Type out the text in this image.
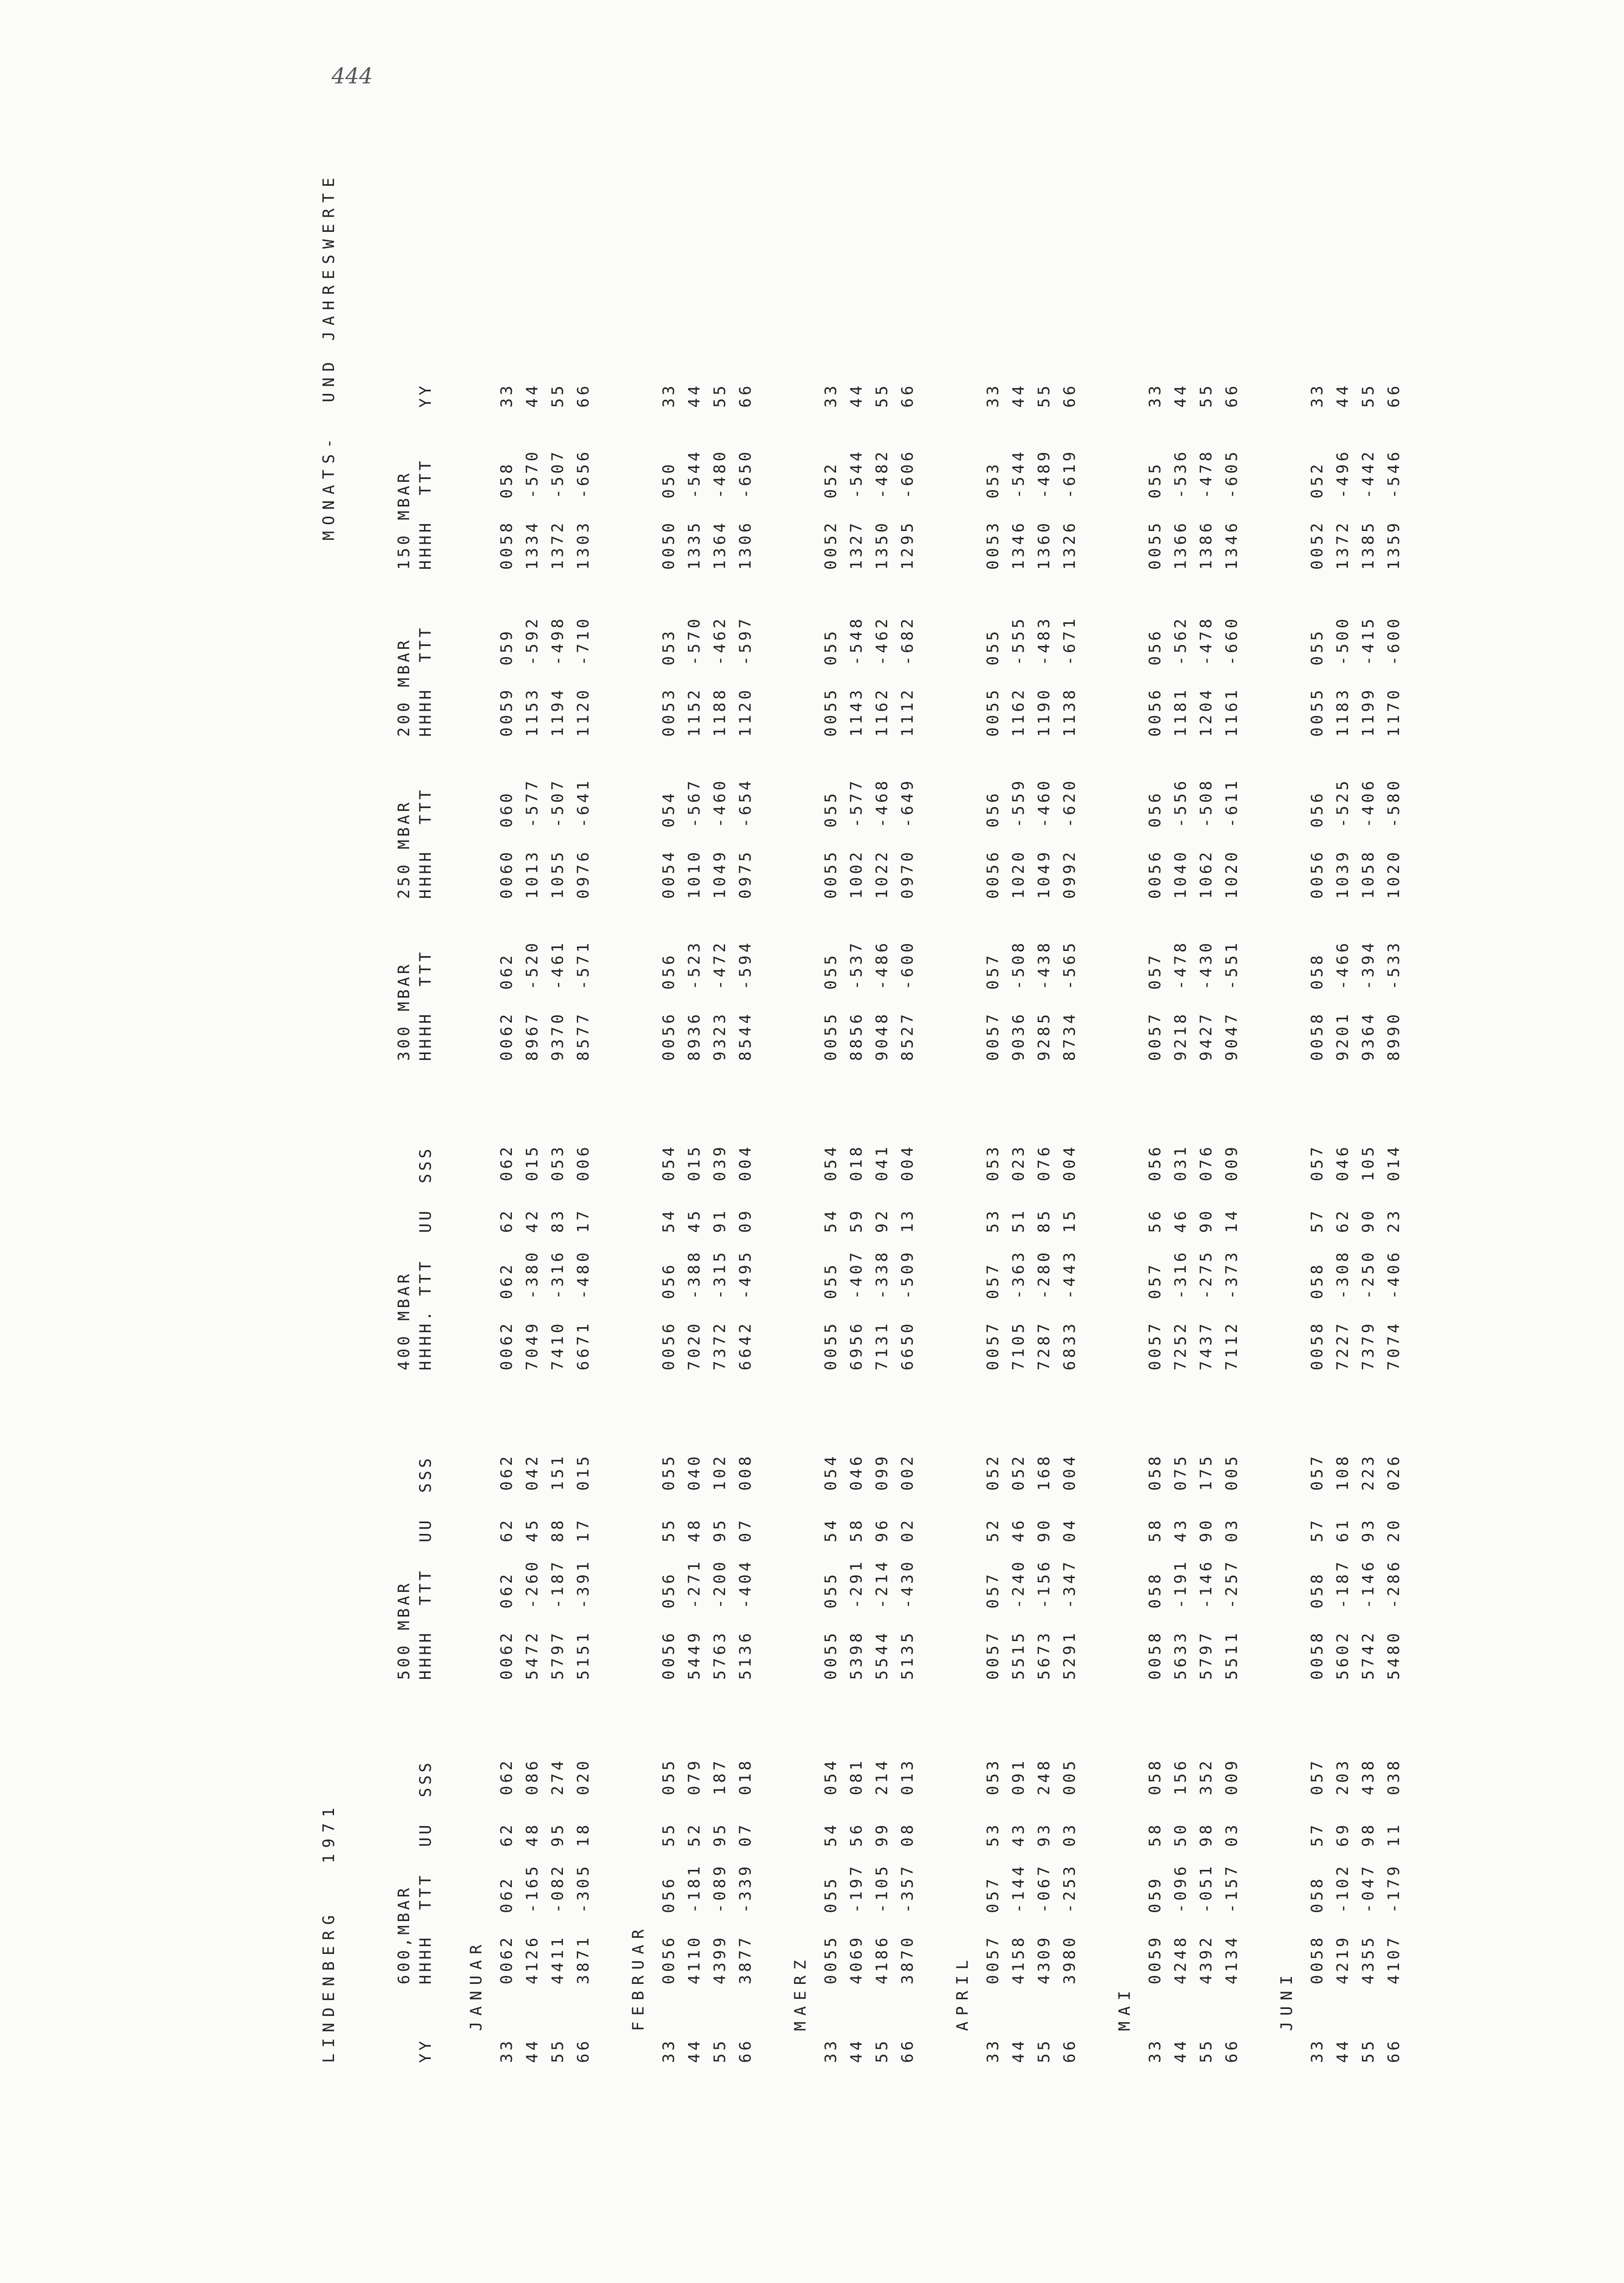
444
LINDENBERG   1971
MONATS-  UND JAHRESWERTE

YY
600,MBAR HHHH  TTT

UU  SSS
500 MBAR HHHH  TTT

UU  SSS
400 MBAR HHHH. TTT

UU  SSS
300 MBAR HHHH  TTT
250 MBAR HHHH  TTT
200 MBAR HHHH  TTT
150 MBAR HHHH  TTT

YY
JANUAR
33
0062
062
62
062
0062
062
62
062
0062
062
62
062
0062
062
0060
060
0059
059
0058
058
33
44
4126
-165
48
086
5472
-260
45
042
7049
-380
42
015
8967
-520
1013
-577
1153
-592
1334
-570
44
55
4411
-082
95
274
5797
-187
88
151
7410
-316
83
053
9370
-461
1055
-507
1194
-498
1372
-507
55
66
3871
-305
18
020
5151
-391
17
015
6671
-480
17
006
8577
-571
0976
-641
1120
-710
1303
-656
66
FEBRUAR
33
0056
056
55
055
0056
056
55
055
0056
056
54
054
0056
056
0054
054
0053
053
0050
050
33
44
4110
-181
52
079
5449
-271
48
040
7020
-388
45
015
8936
-523
1010
-567
1152
-570
1335
-544
44
55
4399
-089
95
187
5763
-200
95
102
7372
-315
91
039
9323
-472
1049
-460
1188
-462
1364
-480
55
66
3877
-339
07
018
5136
-404
07
008
6642
-495
09
004
8544
-594
0975
-654
1120
-597
1306
-650
66
MAERZ
33
0055
055
54
054
0055
055
54
054
0055
055
54
054
0055
055
0055
055
0055
055
0052
052
33
44
4069
-197
56
081
5398
-291
58
046
6956
-407
59
018
8856
-537
1002
-577
1143
-548
1327
-544
44
55
4186
-105
99
214
5544
-214
96
099
7131
-338
92
041
9048
-486
1022
-468
1162
-462
1350
-482
55
66
3870
-357
08
013
5135
-430
02
002
6650
-509
13
004
8527
-600
0970
-649
1112
-682
1295
-606
66
APRIL
33
0057
057
53
053
0057
057
52
052
0057
057
53
053
0057
057
0056
056
0055
055
0053
053
33
44
4158
-144
43
091
5515
-240
46
052
7105
-363
51
023
9036
-508
1020
-559
1162
-555
1346
-544
44
55
4309
-067
93
248
5673
-156
90
168
7287
-280
85
076
9285
-438
1049
-460
1190
-483
1360
-489
55
66
3980
-253
03
005
5291
-347
04
004
6833
-443
15
004
8734
-565
0992
-620
1138
-671
1326
-619
66
MAI
33
0059
059
58
058
0058
058
58
058
0057
057
56
056
0057
057
0056
056
0056
056
0055
055
33
44
4248
-096
50
156
5633
-191
43
075
7252
-316
46
031
9218
-478
1040
-556
1181
-562
1366
-536
44
55
4392
-051
98
352
5797
-146
90
175
7437
-275
90
076
9427
-430
1062
-508
1204
-478
1386
-478
55
66
4134
-157
03
009
5511
-257
03
005
7112
-373
14
009
9047
-551
1020
-611
1161
-660
1346
-605
66
JUNI
33
0058
058
57
057
0058
058
57
057
0058
058
57
057
0058
058
0056
056
0055
055
0052
052
33
44
4219
-102
69
203
5602
-187
61
108
7227
-308
62
046
9201
-466
1039
-525
1183
-500
1372
-496
44
55
4355
-047
98
438
5742
-146
93
223
7379
-250
90
105
9364
-394
1058
-406
1199
-415
1385
-442
55
66
4107
-179
11
038
5480
-286
20
026
7074
-406
23
014
8990
-533
1020
-580
1170
-600
1359
-546
66
